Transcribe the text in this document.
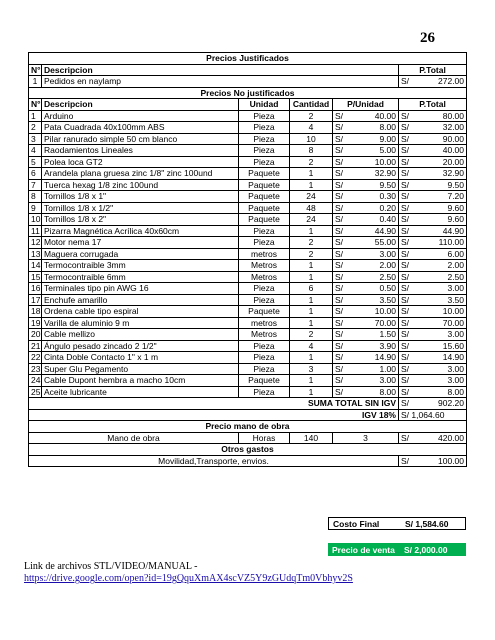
26
Precios Justificados					
N°	Descripcion				P.Total
1	Pedidos en naylamp				S/ 272.00

Precios No justificados					
N°	Descripcion	Unidad	Cantidad	P/Unidad	P.Total
1	Arduino	Pieza	2	S/ 40.00	S/ 80.00

2	Pata Cuadrada 40x100mm ABS	Pieza	4	S/ 8.00	S/ 32.00

3	Pilar ranurado simple 50 cm blanco	Pieza	10	S/ 9.00	S/ 90.00

4	Raodamientos Lineales	Pieza	8	S/ 5.00	S/ 40.00

5	Polea loca GT2	Pieza	2	S/ 10.00	S/ 20.00

6	Arandela plana gruesa zinc 1/8" zinc 100und	Paquete	1	S/ 32.90	S/ 32.90

7	Tuerca hexag 1/8 zinc 100und	Paquete	1	S/ 9.50	S/ 9.50

8	Tornillos 1/8 x 1"	Paquete	24	S/ 0.30	S/ 7.20

9	Tornillos 1/8 x 1/2"	Paquete	48	S/ 0.20	S/ 9.60

10	Tornillos 1/8 x 2"	Paquete	24	S/ 0.40	S/ 9.60

11	Pizarra Magnética Acrílica 40x60cm	Pieza	1	S/ 44.90	S/ 44.90

12	Motor nema 17	Pieza	2	S/ 55.00	S/ 110.00

13	Maguera corrugada	metros	2	S/ 3.00	S/ 6.00

14	Termocontraible 3mm	Metros	1	S/ 2.00	S/ 2.00

15	Termocontraible 6mm	Metros	1	S/ 2.50	S/ 2.50

16	Terminales tipo pin AWG 16	Pieza	6	S/ 0.50	S/ 3.00

17	Enchufe amarillo	Pieza	1	S/ 3.50	S/ 3.50

18	Ordena cable tipo espiral	Paquete	1	S/ 10.00	S/ 10.00

19	Varilla de aluminio 9 m	metros	1	S/ 70.00	S/ 70.00

20	Cable mellizo	Metros	2	S/ 1.50	S/ 3.00

21	Ángulo pesado zincado 2 1/2"	Pieza	4	S/ 3.90	S/ 15.60

22	Cinta Doble Contacto 1" x 1 m	Pieza	1	S/ 14.90	S/ 14.90

23	Super Glu Pegamento	Pieza	3	S/ 1.00	S/ 3.00

24	Cable Dupont hembra a macho 10cm	Paquete	1	S/ 3.00	S/ 3.00

25	Aceite lubricante	Pieza	1	S/ 8.00	S/ 8.00

SUMA TOTAL SIN IGV					S/ 902.20

IGV 18%					S/ 1,064.60
Precio mano de obra					
Mano de obra		Horas	140	3	S/ 420.00

Otros gastos					
Movilidad,Transporte, envios.					S/ 100.00
Costo Final	S/ 1,584.60
Precio de venta	S/ 2,000.00
Link de archivos STL/VIDEO/MANUAL -
https://drive.google.com/open?id=19gQquXmAX4scVZ5Y9zGUdqTm0Vbhyv2S
